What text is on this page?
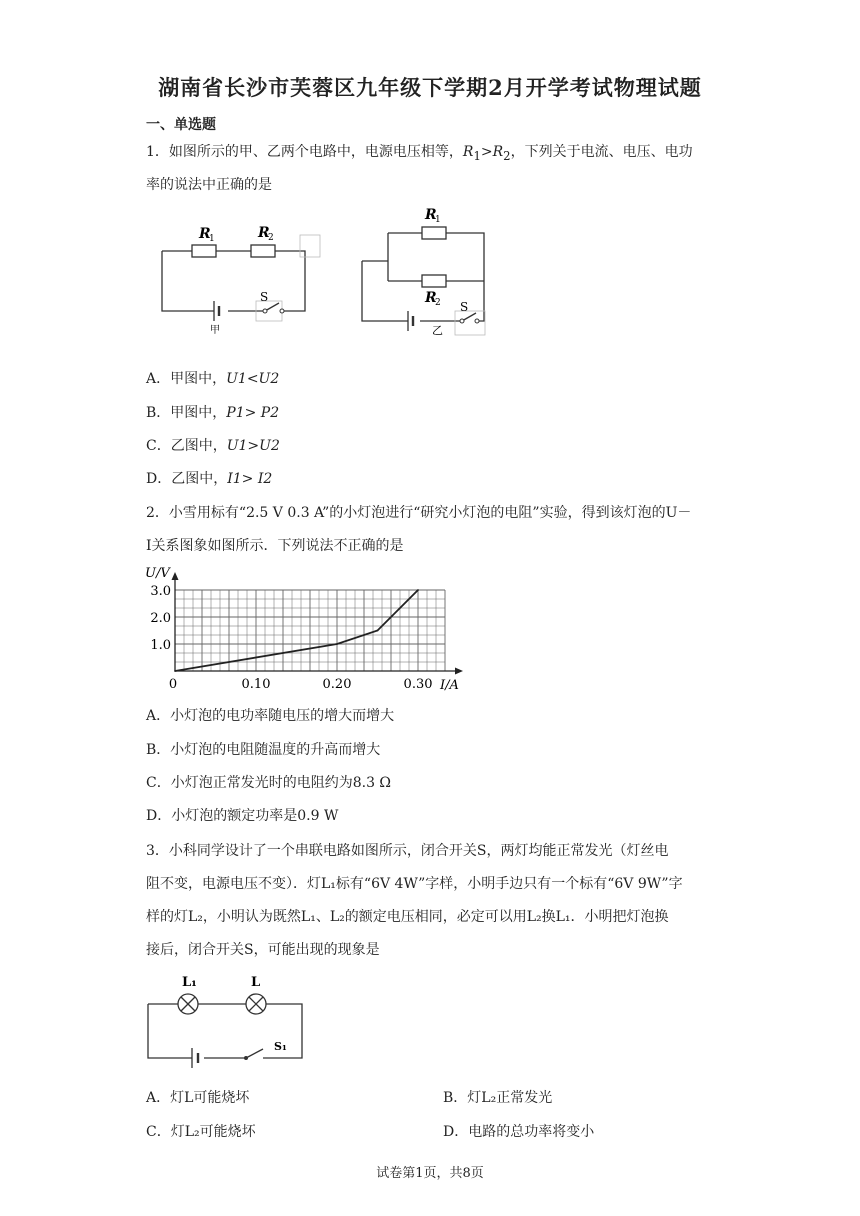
湖南省长沙市芙蓉区九年级下学期2月开学考试物理试题
一、单选题
1．如图所示的甲、乙两个电路中，电源电压相等，$R_1>R_2$，下列关于电流、电压、电功
率的说法中正确的是
R
1	R
2
S
甲
R
1
R
2 S
乙
A．甲图中，U1<U2
B．甲图中，P1> P2
C．乙图中，U1>U2
D．乙图中，I1> I2
2．小雪用标有“2.5 V 0.3 A”的小灯泡进行“研究小灯泡的电阻”实验，得到该灯泡的U－
I关系图象如图所示．下列说法不正确的是
0	0.10	0.20	0.30
1.0
2.0
3.0
I/A
U/V
A．小灯泡的电功率随电压的增大而增大
B．小灯泡的电阻随温度的升高而增大
C．小灯泡正常发光时的电阻约为8.3 Ω
D．小灯泡的额定功率是0.9 W
3．小科同学设计了一个串联电路如图所示，闭合开关S，两灯均能正常发光（灯丝电
阻不变，电源电压不变）．灯L₁标有“6V 4W”字样，小明手边只有一个标有“6V 9W”字
样的灯L₂，小明认为既然L₁、L₂的额定电压相同，必定可以用L₂换L₁．小明把灯泡换
接后，闭合开关S，可能出现的现象是
L₁	L
S₁
A．灯L可能烧坏	B．灯L₂正常发光
C．灯L₂可能烧坏	D．电路的总功率将变小
试卷第1页，共8页
